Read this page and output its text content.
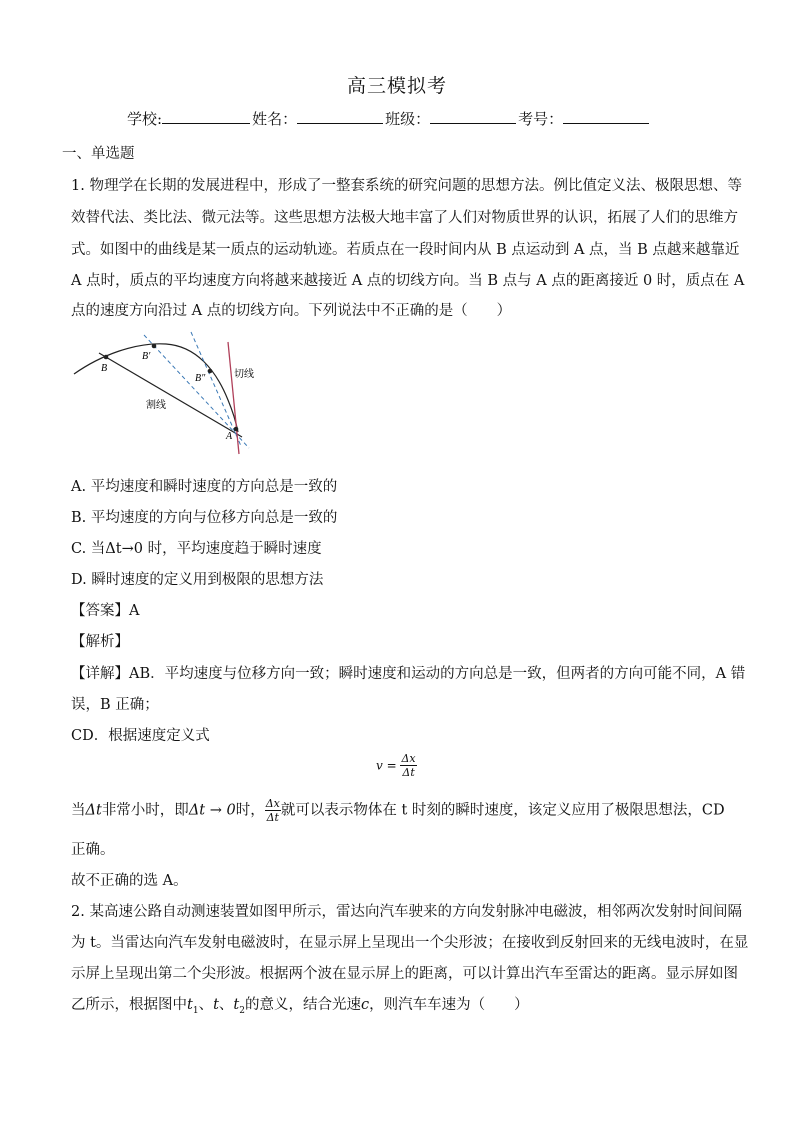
高三模拟考
学校:	姓名：	班级：	考号：
一、单选题
1. 物理学在长期的发展进程中，形成了一整套系统的研究问题的思想方法。例比值定义法、极限思想、等
效替代法、类比法、微元法等。这些思想方法极大地丰富了人们对物质世界的认识，拓展了人们的思维方
式。如图中的曲线是某一质点的运动轨迹。若质点在一段时间内从 B 点运动到 A 点，当 B 点越来越靠近
A 点时，质点的平均速度方向将越来越接近 A 点的切线方向。当 B 点与 A 点的距离接近 0 时，质点在 A
点的速度方向沿过 A 点的切线方向。下列说法中不正确的是（　　）
B
B′
B″
A
切线
割线
A. 平均速度和瞬时速度的方向总是一致的
B. 平均速度的方向与位移方向总是一致的
C. 当Δt→0 时，平均速度趋于瞬时速度
D. 瞬时速度的定义用到极限的思想方法
【答案】A
【解析】
【详解】AB．平均速度与位移方向一致；瞬时速度和运动的方向总是一致，但两者的方向可能不同，A 错
误，B 正确；
CD．根据速度定义式
$v = \frac{\Delta x}{\Delta t}$
当Δt非常小时，即Δt → 0时， $\frac{\Delta x}{\Delta t}$ 就可以表示物体在 t 时刻的瞬时速度，该定义应用了极限思想法，CD
正确。
故不正确的选 A。
2. 某高速公路自动测速装置如图甲所示，雷达向汽车驶来的方向发射脉冲电磁波，相邻两次发射时间间隔
为 t。当雷达向汽车发射电磁波时，在显示屏上呈现出一个尖形波；在接收到反射回来的无线电波时，在显
示屏上呈现出第二个尖形波。根据两个波在显示屏上的距离，可以计算出汽车至雷达的距离。显示屏如图
乙所示，根据图中$t_1$、t、$t_2$的意义，结合光速c，则汽车车速为（　　）
